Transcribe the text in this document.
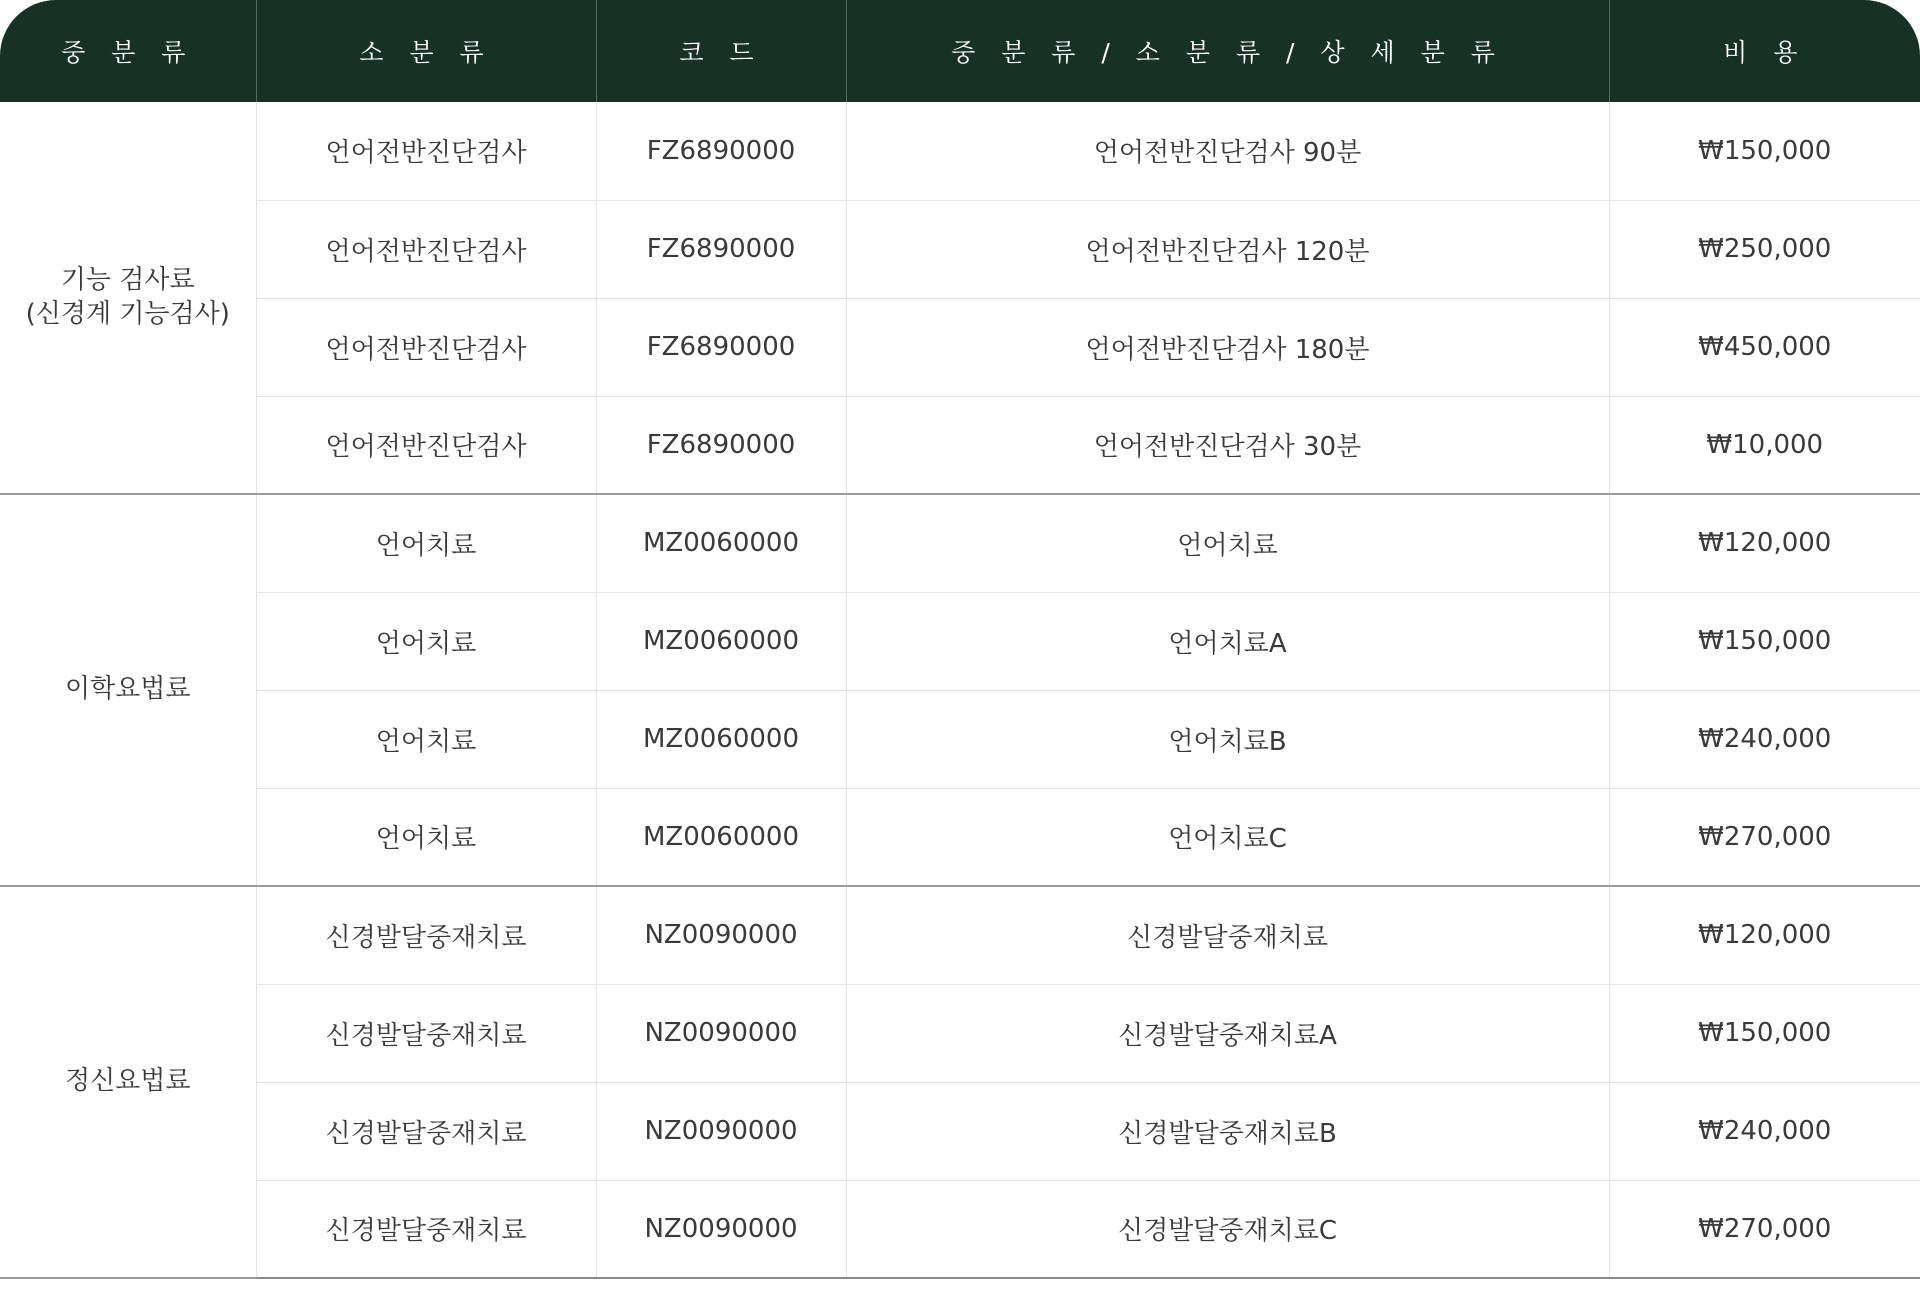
중 분 류	소 분 류	코 드	중 분 류 / 소 분 류 / 상 세 분 류	비 용
기능 검사료
(신경계 기능검사)	언어전반진단검사	FZ6890000	언어전반진단검사 90분	₩150,000
	언어전반진단검사	FZ6890000	언어전반진단검사 120분	₩250,000
	언어전반진단검사	FZ6890000	언어전반진단검사 180분	₩450,000
	언어전반진단검사	FZ6890000	언어전반진단검사 30분	₩10,000
이학요법료	언어치료	MZ0060000	언어치료	₩120,000
	언어치료	MZ0060000	언어치료A	₩150,000
	언어치료	MZ0060000	언어치료B	₩240,000
	언어치료	MZ0060000	언어치료C	₩270,000
정신요법료	신경발달중재치료	NZ0090000	신경발달중재치료	₩120,000
	신경발달중재치료	NZ0090000	신경발달중재치료A	₩150,000
	신경발달중재치료	NZ0090000	신경발달중재치료B	₩240,000
	신경발달중재치료	NZ0090000	신경발달중재치료C	₩270,000
